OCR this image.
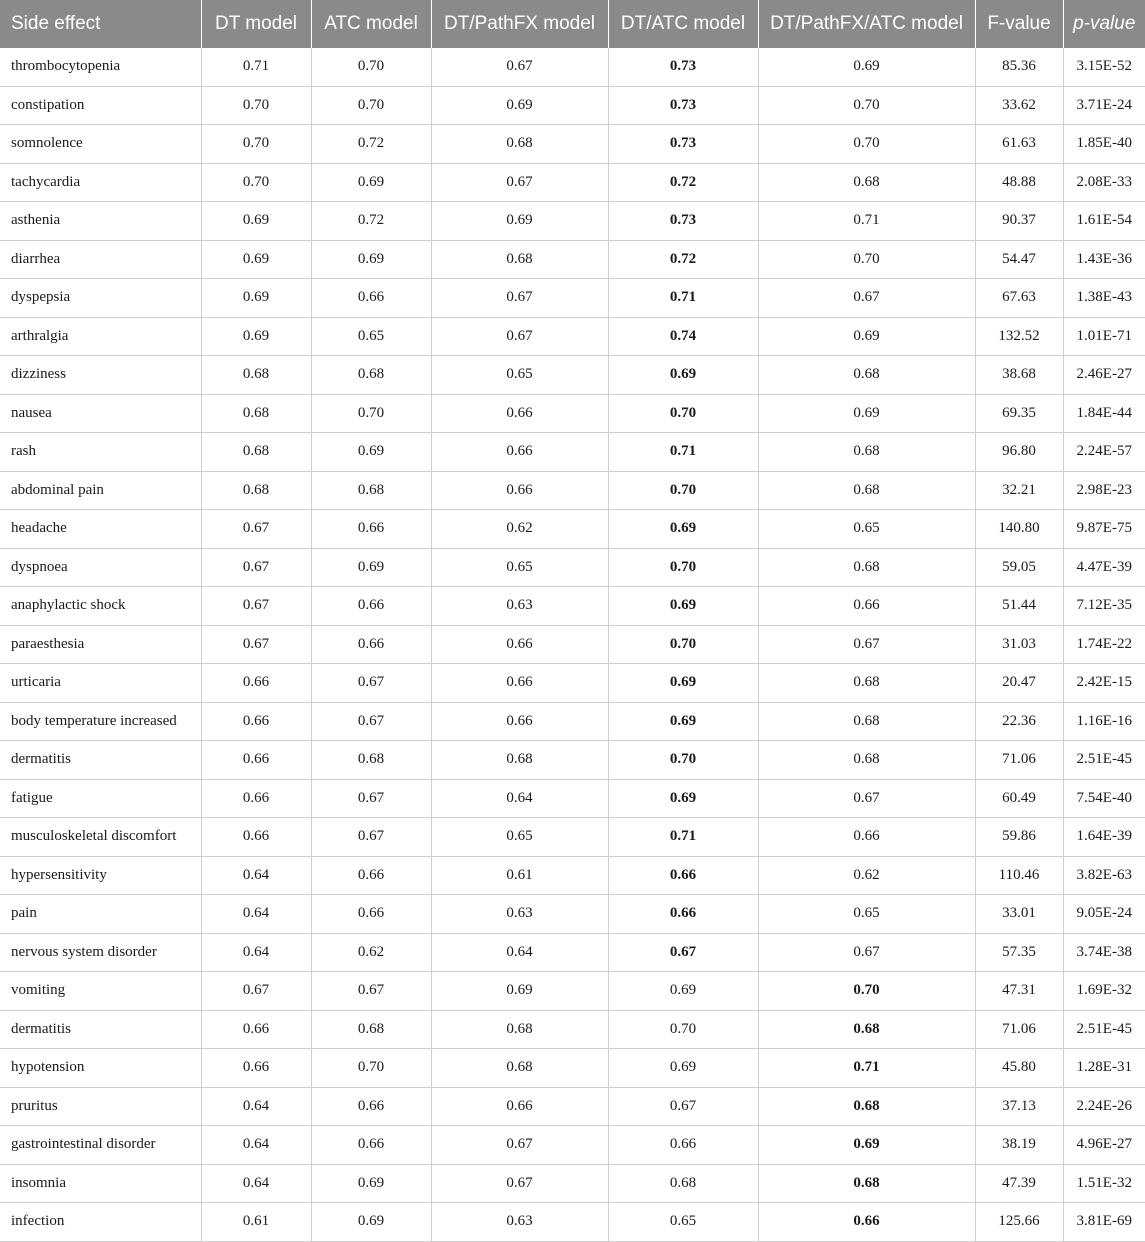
Side effect	DT model	ATC model	DT/PathFX model	DT/ATC model	DT/PathFX/ATC model	F-value	p-value
thrombocytopenia	0.71	0.70	0.67	0.73	0.69	85.36	3.15E-52
constipation	0.70	0.70	0.69	0.73	0.70	33.62	3.71E-24
somnolence	0.70	0.72	0.68	0.73	0.70	61.63	1.85E-40
tachycardia	0.70	0.69	0.67	0.72	0.68	48.88	2.08E-33
asthenia	0.69	0.72	0.69	0.73	0.71	90.37	1.61E-54
diarrhea	0.69	0.69	0.68	0.72	0.70	54.47	1.43E-36
dyspepsia	0.69	0.66	0.67	0.71	0.67	67.63	1.38E-43
arthralgia	0.69	0.65	0.67	0.74	0.69	132.52	1.01E-71
dizziness	0.68	0.68	0.65	0.69	0.68	38.68	2.46E-27
nausea	0.68	0.70	0.66	0.70	0.69	69.35	1.84E-44
rash	0.68	0.69	0.66	0.71	0.68	96.80	2.24E-57
abdominal pain	0.68	0.68	0.66	0.70	0.68	32.21	2.98E-23
headache	0.67	0.66	0.62	0.69	0.65	140.80	9.87E-75
dyspnoea	0.67	0.69	0.65	0.70	0.68	59.05	4.47E-39
anaphylactic shock	0.67	0.66	0.63	0.69	0.66	51.44	7.12E-35
paraesthesia	0.67	0.66	0.66	0.70	0.67	31.03	1.74E-22
urticaria	0.66	0.67	0.66	0.69	0.68	20.47	2.42E-15
body temperature increased	0.66	0.67	0.66	0.69	0.68	22.36	1.16E-16
dermatitis	0.66	0.68	0.68	0.70	0.68	71.06	2.51E-45
fatigue	0.66	0.67	0.64	0.69	0.67	60.49	7.54E-40
musculoskeletal discomfort	0.66	0.67	0.65	0.71	0.66	59.86	1.64E-39
hypersensitivity	0.64	0.66	0.61	0.66	0.62	110.46	3.82E-63
pain	0.64	0.66	0.63	0.66	0.65	33.01	9.05E-24
nervous system disorder	0.64	0.62	0.64	0.67	0.67	57.35	3.74E-38
vomiting	0.67	0.67	0.69	0.69	0.70	47.31	1.69E-32
dermatitis	0.66	0.68	0.68	0.70	0.68	71.06	2.51E-45
hypotension	0.66	0.70	0.68	0.69	0.71	45.80	1.28E-31
pruritus	0.64	0.66	0.66	0.67	0.68	37.13	2.24E-26
gastrointestinal disorder	0.64	0.66	0.67	0.66	0.69	38.19	4.96E-27
insomnia	0.64	0.69	0.67	0.68	0.68	47.39	1.51E-32
infection	0.61	0.69	0.63	0.65	0.66	125.66	3.81E-69
